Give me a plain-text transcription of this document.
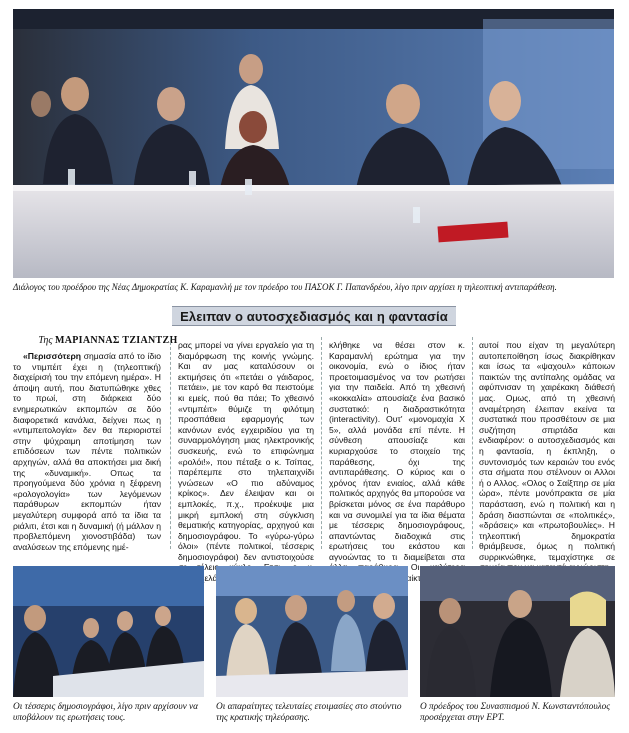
Διάλογος του προέδρου της Νέας Δημοκρατίας Κ. Καραμανλή με τον πρόεδρο του ΠΑΣΟΚ Γ. Παπανδρέου, λίγο πριν αρχίσει η τηλεοπτική αντιπαράθεση.
Ελειπαν ο αυτοσχεδιασμός και η φαντασία
Της ΜΑΡΙΑΝΝΑΣ ΤΖΙΑΝΤΖΗ

«Περισσότερη σημασία από το ίδιο το ντιμπέιτ έχει η (τηλεοπτική) διαχείρισή του την επόμενη ημέρα». Η άποψη αυτή, που διατυπώθηκε χθες το πρωί, στη διάρκεια δύο ενημερωτικών εκπομπών σε δύο διαφορετικά κανάλια, δείχνει πως η «ντιμπειτολογία» δεν θα περιοριστεί στην ψύχραιμη αποτίμηση των επιδόσεων των πέντε πολιτικών αρχηγών, αλλά θα αποκτήσει μια δική της «δυναμική». Οπως τα προηγούμενα δύο χρόνια η ξέφρενη «ρολογολογία» των λεγόμενων παράθυρων εκπομπών ήταν μεγαλύτερη συμφορά από τα ίδια τα ριάλιτι, έτσι και η δυναμική (ή μάλλον η προβλεπόμενη χιονοστιβάδα) των αναλύσεων της επόμενης ημέ-

ρας μπορεί να γίνει εργαλείο για τη διαμόρφωση της κοινής γνώμης. Και αν μας καταλύσουν οι εκτιμήσεις ότι «πετάει ο γάιδαρος, πετάει», με τον καρό θα πειστούμε κι εμείς, πού θα πάει; Το χθεσινό «ντιμπέιτ» θύμιζε τη φιλότιμη προσπάθεια εφαρμογής των κανόνων ενός εγχειριδίου για τη συναρμολόγηση μιας ηλεκτρονικής συσκευής, ενώ το επιφώνημα «ρολόι!», που πέταξε ο κ. Τσίπας, παρέπεμπε στο τηλεπαιχνίδι γνώσεων «Ο πιο αδύναμος κρίκος». Δεν έλειψαν και οι εμπλοκές, π.χ., προέκυψε μια μικρή εμπλοκή στη σύγκλιση θεματικής κατηγορίας, αρχηγού και δημοσιογράφου. Το «γύρω-γύρω όλοι» (πέντε πολιτικοί, τέσσερις δημοσιογράφοι) δεν αντιστοιχούσε τέλειο

κλήθηκε να θέσει στον κ. Καραμανλή ερώτημα για την οικονομία, ενώ ο ίδιος ήταν προετοιμασμένος να τον ρωτήσει για την παιδεία. Από τη χθεσινή «κοκκαλία» απουσίαζε ένα βασικό συστατικό: η διαδραστικότητα (interactivity). Ουτ' «μονομαχία Χ 5», αλλά μονάδα επί πέντε. Η σύνθεση απουσίαζε και κυριαρχούσε το στοιχείο της παράθεσης, όχι της αντιπαράθεσης. Ο κύριος και ο χρόνος ήταν ενιαίος, αλλά κάθε πολιτικός αρχηγός θα μπορούσε να βρίσκεται μόνος σε ένα παράθυρο και να συνομιλεί για τα ίδια θέματα με τέσσερις δημοσιογράφους, απαντώντας διαδοχικά στις ερωτήσεις του εκάστου και αγνοώντας το τι διαμείβεται στα Οι «παίκτες»,

αυτοί που είχαν τη μεγαλύτερη αυτοπεποίθηση ίσως διακρίθηκαν και ίσως τα «ψαχουλ» κάποιων παικτών της αντίπαλης ομάδας να αφύπνισαν τη χαιρέκακη διάθεσή μας. Ομως, από τη χθεσινή αναμέτρηση έλειπαν εκείνα τα συστατικά που προσθέτουν σε μια συζήτηση σπιρτάδα και ενδιαφέρον: ο αυτοσχεδιασμός και η φαντασία, η έκπληξη, ο συντονισμός των κεραιών του ενός στα σήματα που στέλνουν οι Αλλοι ή ο Αλλος. «Ολος ο Σαίξπηρ σε μία ώρα», πέντε μονόπρακτα σε μία παράσταση, ενώ η πολιτική και η δράση διασπώνται σε «πολιτικές», «δράσεις» και «πρωτοβουλίες». Η τηλεοπτική δημοκρατία θριάμβευσε, όμως η πολιτική συρρικνώθηκε, τεμαχίστηκε σε

Οι τέσσερις δημοσιογράφοι, λίγο πριν αρχίσουν να υποβάλουν τις ερωτήσεις τους.
Οι απαραίτητες τελευταίες ετοιμασίες στο στούντιο της κρατικής τηλεόρασης.
Ο πρόεδρος του Συνασπισμού Ν. Κωνσταντόπουλος προσέρχεται στην ΕΡΤ.
